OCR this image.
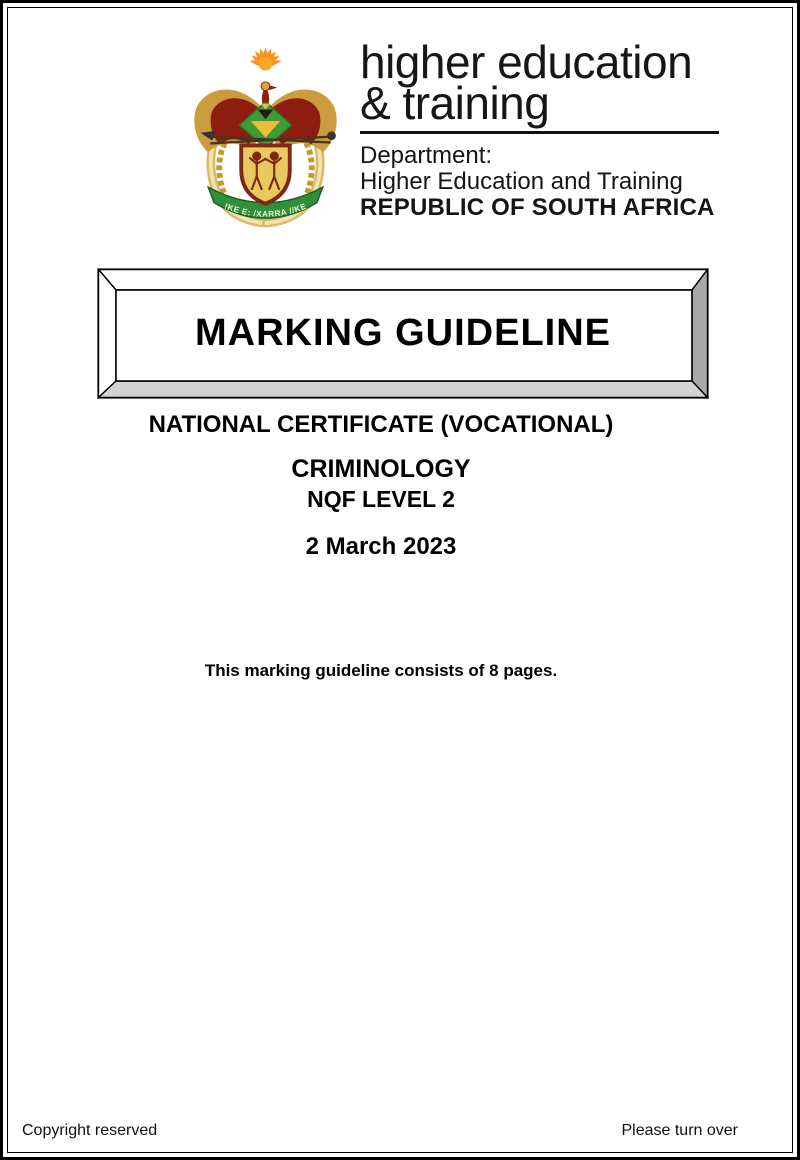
!KE E: /XARRA //KE
higher education
& training
Department:
Higher Education and Training
REPUBLIC OF SOUTH AFRICA
MARKING GUIDELINE
NATIONAL CERTIFICATE (VOCATIONAL)
CRIMINOLOGY
NQF LEVEL 2
2 March 2023
This marking guideline consists of 8 pages.
Copyright reserved	Please turn over
